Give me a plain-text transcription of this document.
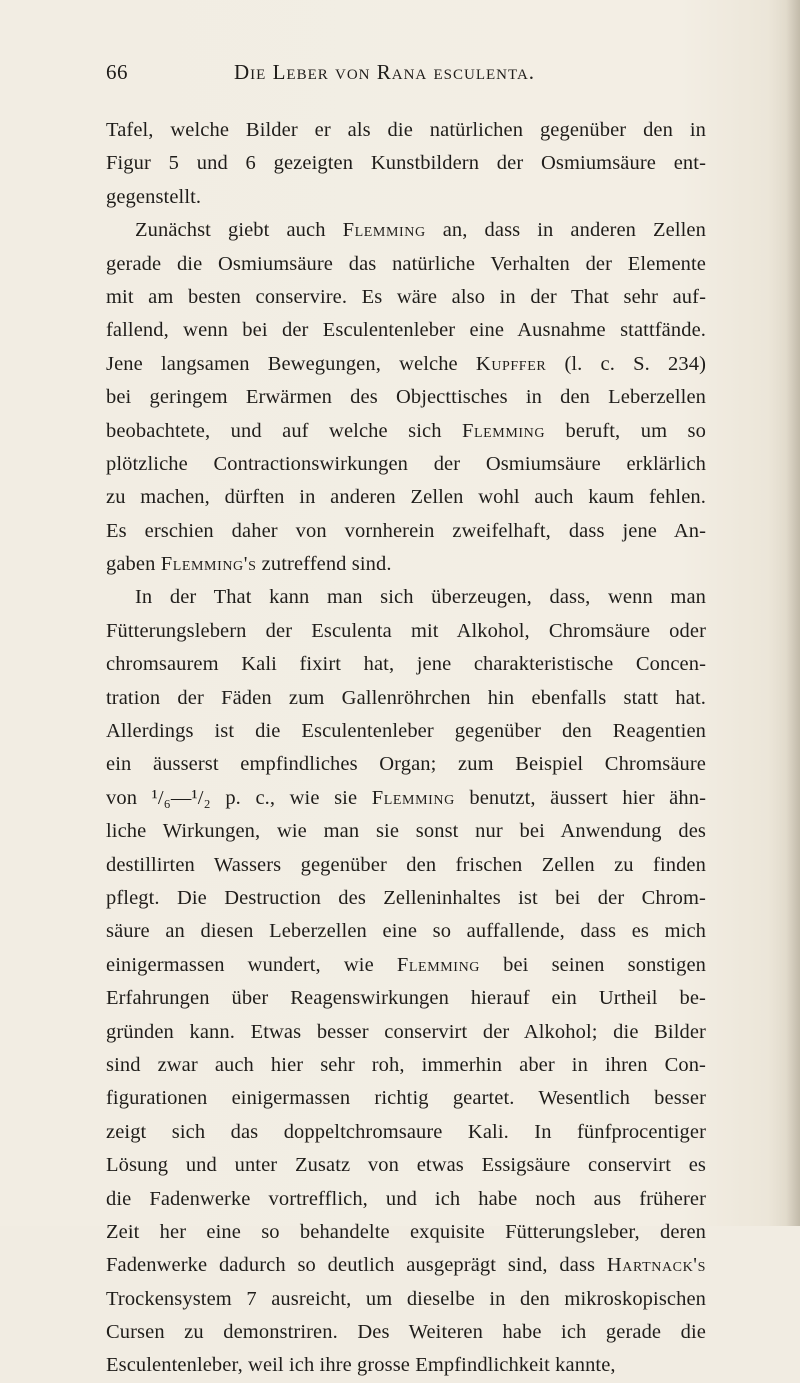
66	Die Leber von Rana esculenta.
Tafel, welche Bilder er als die natürlichen gegenüber den in
Figur 5 und 6 gezeigten Kunstbildern der Osmiumsäure ent-
gegenstellt.
Zunächst giebt auch Flemming an, dass in anderen Zellen
gerade die Osmiumsäure das natürliche Verhalten der Elemente
mit am besten conservire. Es wäre also in der That sehr auf-
fallend, wenn bei der Esculentenleber eine Ausnahme stattfände.
Jene langsamen Bewegungen, welche Kupffer (l. c. S. 234)
bei geringem Erwärmen des Objecttisches in den Leberzellen
beobachtete, und auf welche sich Flemming beruft, um so
plötzliche Contractionswirkungen der Osmiumsäure erklärlich
zu machen, dürften in anderen Zellen wohl auch kaum fehlen.
Es erschien daher von vornherein zweifelhaft, dass jene An-
gaben Flemming's zutreffend sind.
In der That kann man sich überzeugen, dass, wenn man
Fütterungslebern der Esculenta mit Alkohol, Chromsäure oder
chromsaurem Kali fixirt hat, jene charakteristische Concen-
tration der Fäden zum Gallenröhrchen hin ebenfalls statt hat.
Allerdings ist die Esculentenleber gegenüber den Reagentien
ein äusserst empfindliches Organ; zum Beispiel Chromsäure
von ¹/₆—¹/₂ p. c., wie sie Flemming benutzt, äussert hier ähn-
liche Wirkungen, wie man sie sonst nur bei Anwendung des
destillirten Wassers gegenüber den frischen Zellen zu finden
pflegt. Die Destruction des Zelleninhaltes ist bei der Chrom-
säure an diesen Leberzellen eine so auffallende, dass es mich
einigermassen wundert, wie Flemming bei seinen sonstigen
Erfahrungen über Reagenswirkungen hierauf ein Urtheil be-
gründen kann. Etwas besser conservirt der Alkohol; die Bilder
sind zwar auch hier sehr roh, immerhin aber in ihren Con-
figurationen einigermassen richtig geartet. Wesentlich besser
zeigt sich das doppeltchromsaure Kali. In fünfprocentiger
Lösung und unter Zusatz von etwas Essigsäure conservirt es
die Fadenwerke vortrefflich, und ich habe noch aus früherer
Zeit her eine so behandelte exquisite Fütterungsleber, deren
Fadenwerke dadurch so deutlich ausgeprägt sind, dass Hartnack's
Trockensystem 7 ausreicht, um dieselbe in den mikroskopischen
Cursen zu demonstriren. Des Weiteren habe ich gerade die
Esculentenleber, weil ich ihre grosse Empfindlichkeit kannte,
